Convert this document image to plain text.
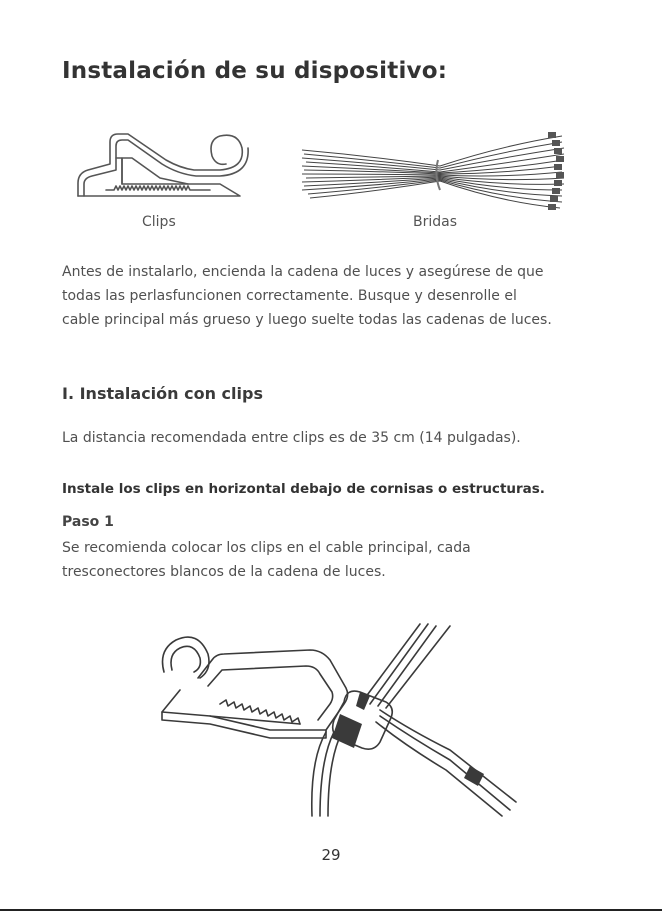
Instalación de su dispositivo:

Clips	Bridas

Antes de instalarlo, encienda la cadena de luces y asegúrese de que

todas las perlasfuncionen correctamente. Busque y desenrolle el

cable principal más grueso y luego suelte todas las cadenas de luces.

I. Instalación con clips

La distancia recomendada entre clips es de 35 cm (14 pulgadas).

Instale los clips en horizontal debajo de cornisas o estructuras.

Paso 1

Se recomienda colocar los clips en el cable principal, cada

tresconectores blancos de la cadena de luces.

29
